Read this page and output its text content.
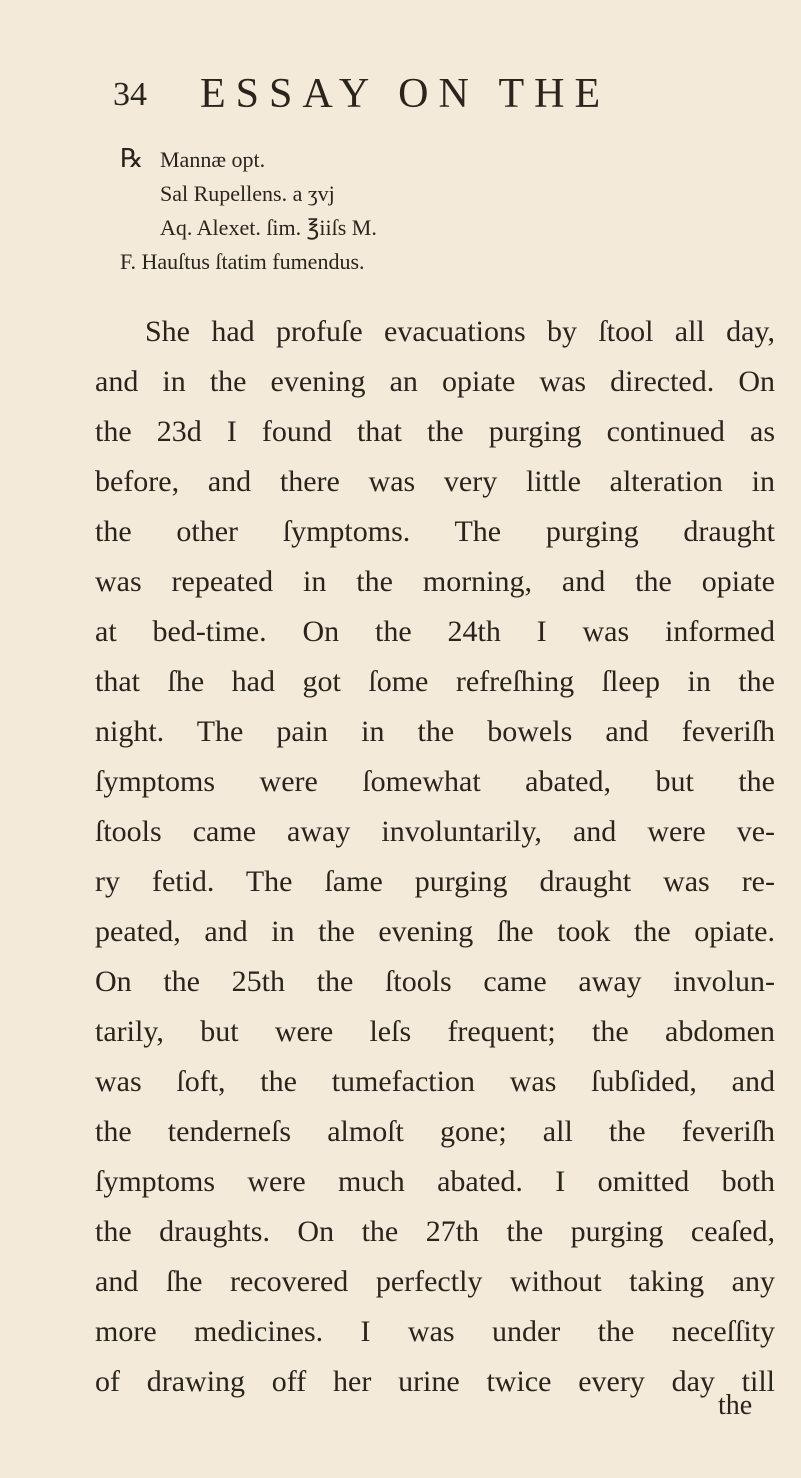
34 ESSAY ON THE
℞ Mannæ opt.
Sal Rupellens. a ʒvj
Aq. Alexet. ſim. ℥iiſs M.
F. Hauſtus ſtatim fumendus.
She had profuſe evacuations by ſtool all day,
and in the evening an opiate was directed. On
the 23d I found that the purging continued as
before, and there was very little alteration in
the other ſymptoms. The purging draught
was repeated in the morning, and the opiate
at bed-time. On the 24th I was informed
that ſhe had got ſome refreſhing ſleep in the
night. The pain in the bowels and feveriſh
ſymptoms were ſomewhat abated, but the
ſtools came away involuntarily, and were ve-
ry fetid. The ſame purging draught was re-
peated, and in the evening ſhe took the opiate.
On the 25th the ſtools came away involun-
tarily, but were leſs frequent; the abdomen
was ſoft, the tumefaction was ſubſided, and
the tenderneſs almoſt gone; all the feveriſh
ſymptoms were much abated. I omitted both
the draughts. On the 27th the purging ceaſed,
and ſhe recovered perfectly without taking any
more medicines. I was under the neceſſity
of drawing off her urine twice every day till
the
